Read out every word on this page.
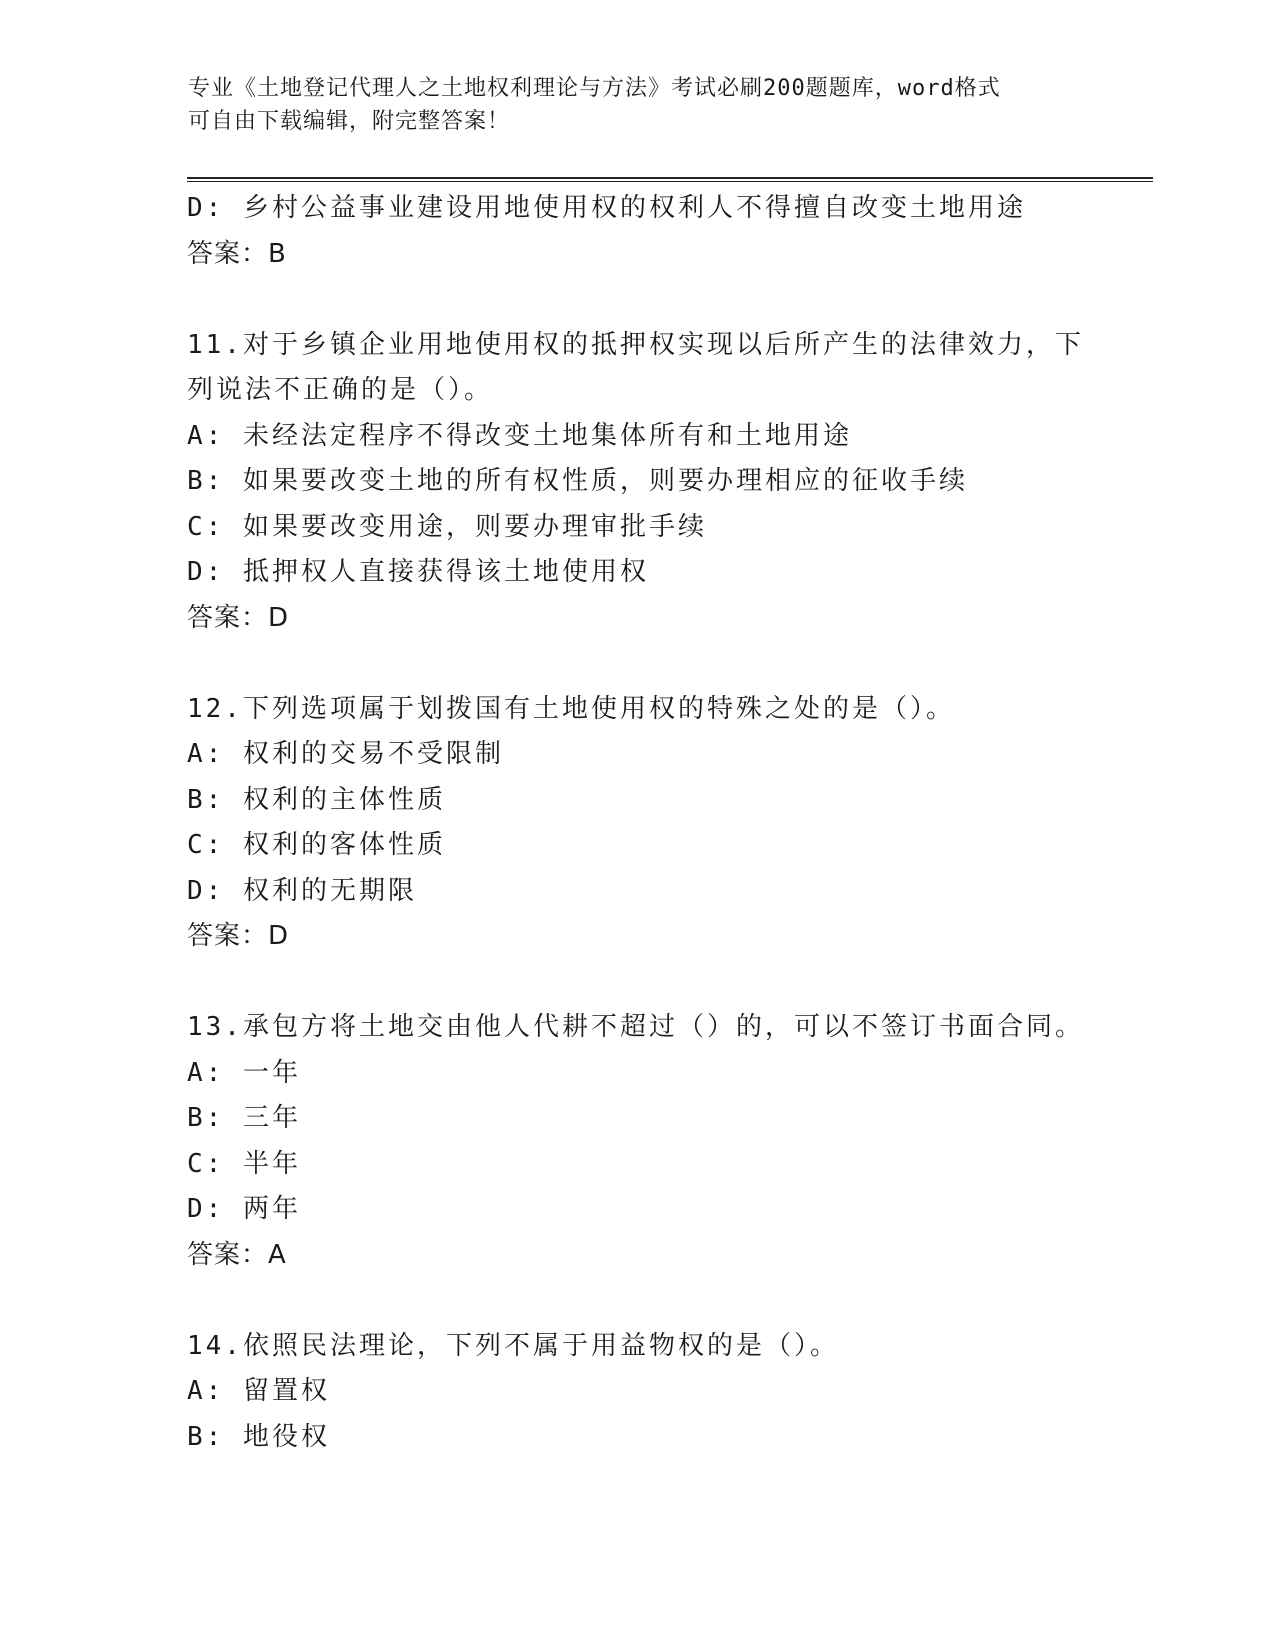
专业《土地登记代理人之土地权利理论与方法》考试必刷200题题库，word格式
可自由下载编辑，附完整答案！
D: 乡村公益事业建设用地使用权的权利人不得擅自改变土地用途
答案：B
11.对于乡镇企业用地使用权的抵押权实现以后所产生的法律效力，下
列说法不正确的是（）。
A: 未经法定程序不得改变土地集体所有和土地用途
B: 如果要改变土地的所有权性质，则要办理相应的征收手续
C: 如果要改变用途，则要办理审批手续
D: 抵押权人直接获得该土地使用权
答案：D
12.下列选项属于划拨国有土地使用权的特殊之处的是（）。
A: 权利的交易不受限制
B: 权利的主体性质
C: 权利的客体性质
D: 权利的无期限
答案：D
13.承包方将土地交由他人代耕不超过（）的，可以不签订书面合同。
A: 一年
B: 三年
C: 半年
D: 两年
答案：A
14.依照民法理论，下列不属于用益物权的是（）。
A: 留置权
B: 地役权
